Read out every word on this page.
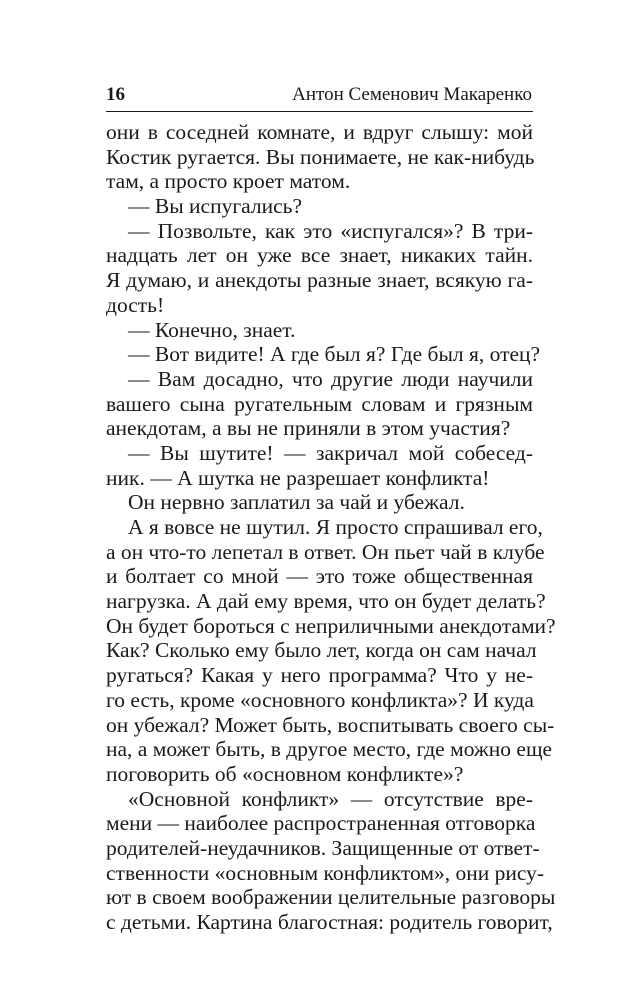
16	Антон Семенович Макаренко
они в соседней комнате, и вдруг слышу: мой
Костик ругается. Вы понимаете, не как-нибудь
там, а просто кроет матом.
— Вы испугались?
— Позвольте, как это «испугался»? В три-
надцать лет он уже все знает, никаких тайн.
Я думаю, и анекдоты разные знает, всякую га-
дость!
— Конечно, знает.
— Вот видите! А где был я? Где был я, отец?
— Вам досадно, что другие люди научили
вашего сына ругательным словам и грязным
анекдотам, а вы не приняли в этом участия?
— Вы шутите! — закричал мой собесед-
ник. — А шутка не разрешает конфликта!
Он нервно заплатил за чай и убежал.
А я вовсе не шутил. Я просто спрашивал его,
а он что-то лепетал в ответ. Он пьет чай в клубе
и болтает со мной — это тоже общественная
нагрузка. А дай ему время, что он будет делать?
Он будет бороться с неприличными анекдотами?
Как? Сколько ему было лет, когда он сам начал
ругаться? Какая у него программа? Что у не-
го есть, кроме «основного конфликта»? И куда
он убежал? Может быть, воспитывать своего сы-
на, а может быть, в другое место, где можно еще
поговорить об «основном конфликте»?
«Основной конфликт» — отсутствие вре-
мени — наиболее распространенная отговорка
родителей-неудачников. Защищенные от ответ-
ственности «основным конфликтом», они рису-
ют в своем воображении целительные разговоры
с детьми. Картина благостная: родитель говорит,
